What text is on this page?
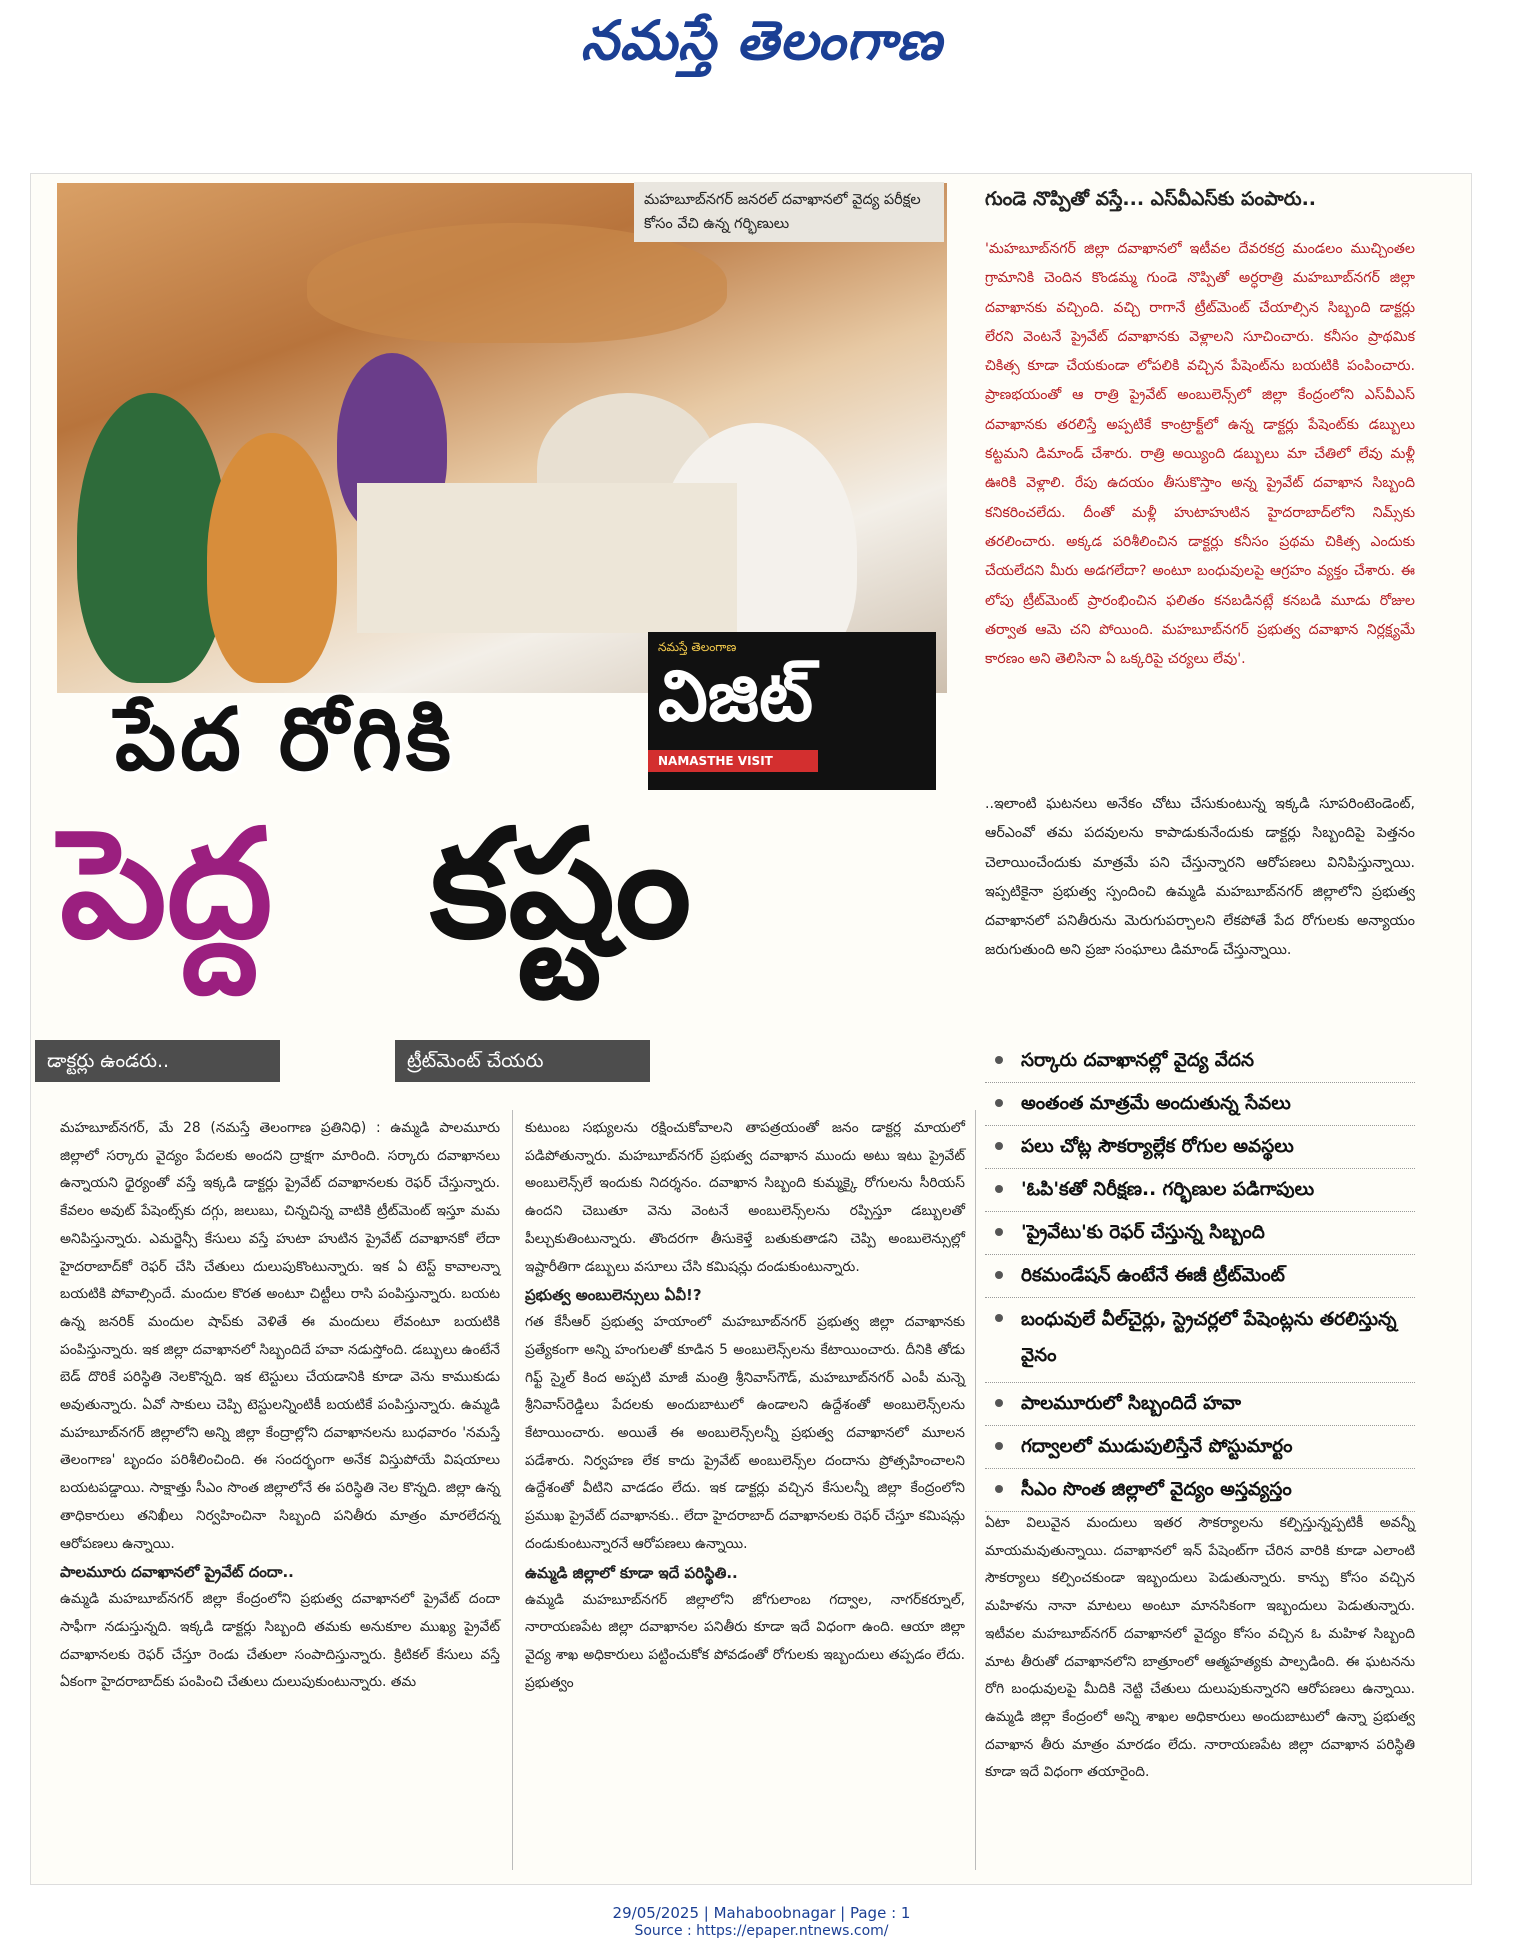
నమస్తే తెలంగాణ
మహబూబ్‌నగర్ జనరల్ దవాఖానలో వైద్య పరీక్షల కోసం వేచి ఉన్న గర్భిణులు
నమస్తే తెలంగాణ
విజిట్
NAMASTHE VISIT
పేద రోగికి
పెద్ద కష్టం
డాక్టర్లు ఉండరు..	ట్రీట్‌మెంట్ చేయరు
గుండె నొప్పితో వస్తే... ఎస్‌వీఎస్‌కు పంపారు..
'మహబూబ్‌నగర్ జిల్లా దవాఖానలో ఇటీవల దేవరకద్ర మండలం ముచ్చింతల గ్రామానికి చెందిన కొండమ్మ గుండె నొప్పితో అర్ధరాత్రి మహబూబ్‌నగర్ జిల్లా దవాఖానకు వచ్చింది. వచ్చి రాగానే ట్రీట్‌మెంట్ చేయాల్సిన సిబ్బంది డాక్టర్లు లేరని వెంటనే ప్రైవేట్ దవాఖానకు వెళ్లాలని సూచించారు. కనీసం ప్రాథమిక చికిత్స కూడా చేయకుండా లోపలికి వచ్చిన పేషెంట్‌ను బయటికి పంపించారు. ప్రాణభయంతో ఆ రాత్రి ప్రైవేట్ అంబులెన్స్‌లో జిల్లా కేంద్రంలోని ఎస్‌వీఎస్ దవాఖానకు తరలిస్తే అప్పటికే కాంట్రాక్ట్‌లో ఉన్న డాక్టర్లు పేషెంట్‌కు డబ్బులు కట్టమని డిమాండ్ చేశారు. రాత్రి అయ్యింది డబ్బులు మా చేతిలో లేవు మళ్లీ ఊరికి వెళ్లాలి. రేపు ఉదయం తీసుకొస్తాం అన్న ప్రైవేట్ దవాఖాన సిబ్బంది కనికరించలేదు. దీంతో మళ్లీ హుటాహుటిన హైదరాబాద్‌లోని నిమ్స్‌కు తరలించారు. అక్కడ పరిశీలించిన డాక్టర్లు కనీసం ప్రథమ చికిత్స ఎందుకు చేయలేదని మీరు అడగలేదా? అంటూ బంధువులపై ఆగ్రహం వ్యక్తం చేశారు. ఈ లోపు ట్రీట్‌మెంట్ ప్రారంభించిన ఫలితం కనబడినట్లే కనబడి మూడు రోజుల తర్వాత ఆమె చని పోయింది. మహబూబ్‌నగర్ ప్రభుత్వ దవాఖాన నిర్లక్ష్యమే కారణం అని తెలిసినా ఏ ఒక్కరిపై చర్యలు లేవు'.
..ఇలాంటి ఘటనలు అనేకం చోటు చేసుకుంటున్న ఇక్కడి సూపరింటెండెంట్, ఆర్‌ఎంవో తమ పదవులను కాపాడుకునేందుకు డాక్టర్లు సిబ్బందిపై పెత్తనం చెలాయించేందుకు మాత్రమే పని చేస్తున్నారని ఆరోపణలు వినిపిస్తున్నాయి. ఇప్పటికైనా ప్రభుత్వ స్పందించి ఉమ్మడి మహబూబ్‌నగర్ జిల్లాలోని ప్రభుత్వ దవాఖానలో పనితీరును మెరుగుపర్చాలని లేకపోతే పేద రోగులకు అన్యాయం జరుగుతుంది అని ప్రజా సంఘాలు డిమాండ్ చేస్తున్నాయి.
సర్కారు దవాఖానల్లో వైద్య వేదన
అంతంత మాత్రమే అందుతున్న సేవలు
పలు చోట్ల సౌకర్యాల్లేక రోగుల అవస్థలు
'ఓపి'కతో నిరీక్షణ.. గర్భిణుల పడిగాపులు
'ప్రైవేటు'కు రెఫర్ చేస్తున్న సిబ్బంది
రికమండేషన్ ఉంటేనే ఈజీ ట్రీట్‌మెంట్
బంధువులే వీల్‌చైర్లు, స్ట్రెచర్లలో పేషెంట్లను తరలిస్తున్న వైనం
పాలమూరులో సిబ్బందిదే హవా
గద్వాలలో ముడుపులిస్తేనే పోస్టుమార్టం
సీఎం సొంత జిల్లాలో వైద్యం అస్తవ్యస్తం

మహబూబ్‌నగర్, మే 28 (నమస్తే తెలంగాణ ప్రతినిధి) : ఉమ్మడి పాలమూరు జిల్లాలో సర్కారు వైద్యం పేదలకు అందని ద్రాక్షగా మారింది. సర్కారు దవాఖానలు ఉన్నాయని ధైర్యంతో వస్తే ఇక్కడి డాక్టర్లు ప్రైవేట్ దవాఖానలకు రెఫర్ చేస్తున్నారు. కేవలం అవుట్ పేషెంట్స్‌కు దగ్గు, జలుబు, చిన్నచిన్న వాటికి ట్రీట్‌మెంట్ ఇస్తూ మమ అనిపిస్తున్నారు. ఎమర్జెన్సీ కేసులు వస్తే హుటా హుటిన ప్రైవేట్ దవాఖానకో లేదా హైదరాబాద్‌కో రెఫర్ చేసి చేతులు దులుపుకొంటున్నారు. ఇక ఏ టెస్ట్ కావాలన్నా బయటికి పోవాల్సిందే. మందుల కొరత అంటూ చిట్టీలు రాసి పంపిస్తున్నారు. బయట ఉన్న జనరిక్ మందుల షాప్‌కు వెళితే ఈ మందులు లేవంటూ బయటికి పంపిస్తున్నారు. ఇక జిల్లా దవాఖానలో సిబ్బందిదే హవా నడుస్తోంది. డబ్బులు ఉంటేనే బెడ్ దొరికే పరిస్థితి నెలకొన్నది. ఇక టెస్టులు చేయడానికి కూడా వెను కాముకుడు అవుతున్నారు. ఏవో సాకులు చెప్పి టెస్టులన్నింటికీ బయటికే పంపిస్తున్నారు. ఉమ్మడి మహబూబ్‌నగర్ జిల్లాలోని అన్ని జిల్లా కేంద్రాల్లోని దవాఖానలను బుధవారం 'నమస్తే తెలంగాణ' బృందం పరిశీలించింది. ఈ సందర్భంగా అనేక విస్తుపోయే విషయాలు బయటపడ్డాయి. సాక్షాత్తు సీఎం సొంత జిల్లాలోనే ఈ పరిస్థితి నెల కొన్నది. జిల్లా ఉన్న తాధికారులు తనిఖీలు నిర్వహించినా సిబ్బంది పనితీరు మాత్రం మారలేదన్న ఆరోపణలు ఉన్నాయి.

పాలమూరు దవాఖానలో ప్రైవేట్ దందా..

ఉమ్మడి మహబూబ్‌నగర్ జిల్లా కేంద్రంలోని ప్రభుత్వ దవాఖానలో ప్రైవేట్ దందా సాఫీగా నడుస్తున్నది. ఇక్కడి డాక్టర్లు సిబ్బంది తమకు అనుకూల ముఖ్య ప్రైవేట్ దవాఖానలకు రెఫర్ చేస్తూ రెండు చేతులా సంపాదిస్తున్నారు. క్రిటికల్ కేసులు వస్తే ఏకంగా హైదరాబాద్‌కు పంపించి చేతులు దులుపుకుంటున్నారు. తమ

కుటుంబ సభ్యులను రక్షించుకోవాలని తాపత్రయంతో జనం డాక్టర్ల మాయలో పడిపోతున్నారు. మహబూబ్‌నగర్ ప్రభుత్వ దవాఖాన ముందు అటు ఇటు ప్రైవేట్ అంబులెన్స్‌లే ఇందుకు నిదర్శనం. దవాఖాన సిబ్బంది కుమ్మక్కై రోగులను సీరియస్ ఉందని చెబుతూ వెను వెంటనే అంబులెన్స్‌లను రప్పిస్తూ డబ్బులతో పీల్చుకుతింటున్నారు. తొందరగా తీసుకెళ్తే బతుకుతాడని చెప్పి అంబులెన్సుల్లో ఇష్టారీతిగా డబ్బులు వసూలు చేసి కమిషన్లు దండుకుంటున్నారు.

ప్రభుత్వ అంబులెన్సులు ఏవీ!?

గత కేసీఆర్ ప్రభుత్వ హయాంలో మహబూబ్‌నగర్ ప్రభుత్వ జిల్లా దవాఖానకు ప్రత్యేకంగా అన్ని హంగులతో కూడిన 5 అంబులెన్స్‌లను కేటాయించారు. దీనికి తోడు గిఫ్ట్ స్మైల్ కింద అప్పటి మాజీ మంత్రి శ్రీనివాస్‌గౌడ్, మహబూబ్‌నగర్ ఎంపీ మన్నె శ్రీనివాస్‌రెడ్డిలు పేదలకు అందుబాటులో ఉండాలని ఉద్దేశంతో అంబులెన్స్‌లను కేటాయించారు. అయితే ఈ అంబులెన్స్‌లన్నీ ప్రభుత్వ దవాఖానలో మూలన పడేశారు. నిర్వహణ లేక కాదు ప్రైవేట్ అంబులెన్స్‌ల దందాను ప్రోత్సహించాలని ఉద్దేశంతో వీటిని వాడడం లేదు. ఇక డాక్టర్లు వచ్చిన కేసులన్నీ జిల్లా కేంద్రంలోని ప్రముఖ ప్రైవేట్ దవాఖానకు.. లేదా హైదరాబాద్ దవాఖానలకు రెఫర్ చేస్తూ కమిషన్లు దండుకుంటున్నారనే ఆరోపణలు ఉన్నాయి.

ఉమ్మడి జిల్లాలో కూడా ఇదే పరిస్థితి..

ఉమ్మడి మహబూబ్‌నగర్ జిల్లాలోని జోగులాంబ గద్వాల, నాగర్‌కర్నూల్, నారాయణపేట జిల్లా దవాఖానల పనితీరు కూడా ఇదే విధంగా ఉంది. ఆయా జిల్లా వైద్య శాఖ అధికారులు పట్టించుకోక పోవడంతో రోగులకు ఇబ్బందులు తప్పడం లేదు. ప్రభుత్వం

ఏటా విలువైన మందులు ఇతర సౌకర్యాలను కల్పిస్తున్నప్పటికీ అవన్నీ మాయమవుతున్నాయి. దవాఖానలో ఇన్ పేషెంట్‌గా చేరిన వారికి కూడా ఎలాంటి సౌకర్యాలు కల్పించకుండా ఇబ్బందులు పెడుతున్నారు. కాన్పు కోసం వచ్చిన మహిళను నానా మాటలు అంటూ మానసికంగా ఇబ్బందులు పెడుతున్నారు. ఇటీవల మహబూబ్‌నగర్ దవాఖానలో వైద్యం కోసం వచ్చిన ఓ మహిళ సిబ్బంది మాట తీరుతో దవాఖానలోని బాత్రూంలో ఆత్మహత్యకు పాల్పడింది. ఈ ఘటనను రోగి బంధువులపై మీదికి నెట్టి చేతులు దులుపుకున్నారని ఆరోపణలు ఉన్నాయి. ఉమ్మడి జిల్లా కేంద్రంలో అన్ని శాఖల అధికారులు అందుబాటులో ఉన్నా ప్రభుత్వ దవాఖాన తీరు మాత్రం మారడం లేదు. నారాయణపేట జిల్లా దవాఖాన పరిస్థితి కూడా ఇదే విధంగా తయారైంది.

29/05/2025 | Mahaboobnagar | Page : 1
Source : https://epaper.ntnews.com/
